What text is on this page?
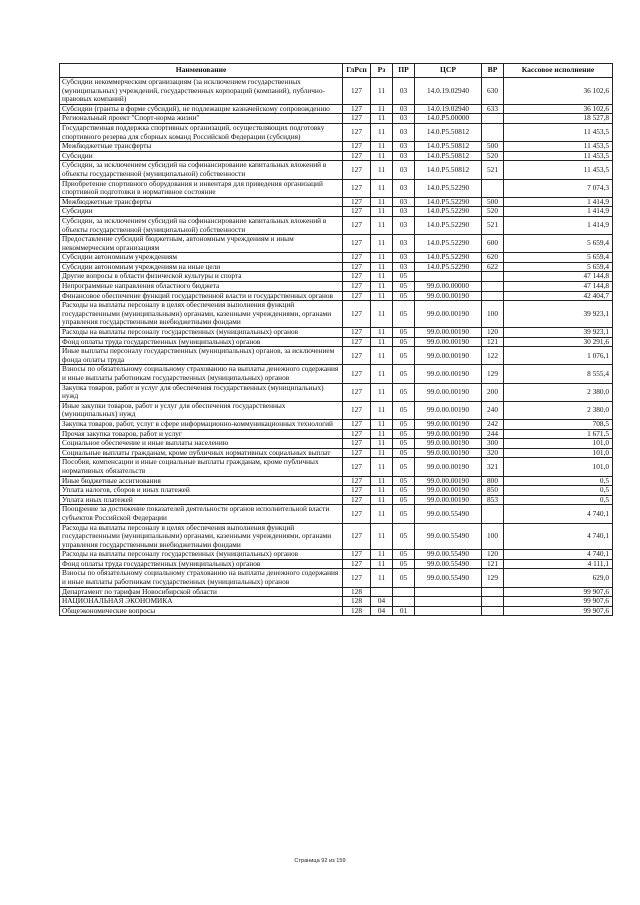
Наименование	ГлРсп	Рз	ПР	ЦСР	ВР	Кассовое исполнение
Субсидии некоммерческим организациям (за исключением государственных (муниципальных) учреждений, государственных корпораций (компаний), публично-правовых компаний)	127	11	03	14.0.19.02940	630	36 102,6
Субсидии (гранты в форме субсидий), не подлежащие казначейскому сопровождению	127	11	03	14.0.19.02940	633	36 102,6
Региональный проект "Спорт-норма жизни"	127	11	03	14.0.P5.00000		18 527,8
Государственная поддержка спортивных организаций, осуществляющих подготовку спортивного резерва для сборных команд Российской Федерации (субсидия)	127	11	03	14.0.P5.50812		11 453,5
Межбюджетные трансферты	127	11	03	14.0.P5.50812	500	11 453,5
Субсидии	127	11	03	14.0.P5.50812	520	11 453,5
Субсидии, за исключением субсидий на софинансирование капитальных вложений в объекты государственной (муниципальной) собственности	127	11	03	14.0.P5.50812	521	11 453,5
Приобретение спортивного оборудования и инвентаря для приведения организаций спортивной подготовки в нормативное состояние	127	11	03	14.0.P5.52290		7 074,3
Межбюджетные трансферты	127	11	03	14.0.P5.52290	500	1 414,9
Субсидии	127	11	03	14.0.P5.52290	520	1 414,9
Субсидии, за исключением субсидий на софинансирование капитальных вложений в объекты государственной (муниципальной) собственности	127	11	03	14.0.P5.52290	521	1 414,9
Предоставление субсидий бюджетным, автономным учреждениям и иным некоммерческим организациям	127	11	03	14.0.P5.52290	600	5 659,4
Субсидии автономным учреждениям	127	11	03	14.0.P5.52290	620	5 659,4
Субсидии автономным учреждениям на иные цели	127	11	03	14.0.P5.52290	622	5 659,4
Другие вопросы в области физической культуры и спорта	127	11	05			47 144,8
Непрограммные направления областного бюджета	127	11	05	99.0.00.00000		47 144,8
Финансовое обеспечение функций государственной власти и государственных органов	127	11	05	99.0.00.00190		42 404,7
Расходы на выплаты персоналу в целях обеспечения выполнения функций государственными (муниципальными) органами, казенными учреждениями, органами управления государственными внебюджетными фондами	127	11	05	99.0.00.00190	100	39 923,1
Расходы на выплаты персоналу государственных (муниципальных) органов	127	11	05	99.0.00.00190	120	39 923,1
Фонд оплаты труда государственных (муниципальных) органов	127	11	05	99.0.00.00190	121	30 291,6
Иные выплаты персоналу государственных (муниципальных) органов, за исключением фонда оплаты труда	127	11	05	99.0.00.00190	122	1 076,1
Взносы по обязательному социальному страхованию на выплаты денежного содержания и иные выплаты работникам государственных (муниципальных) органов	127	11	05	99.0.00.00190	129	8 555,4
Закупка товаров, работ и услуг для обеспечения государственных (муниципальных) нужд	127	11	05	99.0.00.00190	200	2 380,0
Иные закупки товаров, работ и услуг для обеспечения государственных (муниципальных) нужд	127	11	05	99.0.00.00190	240	2 380,0
Закупка товаров, работ, услуг в сфере информационно-коммуникационных технологий	127	11	05	99.0.00.00190	242	708,5
Прочая закупка товаров, работ и услуг	127	11	05	99.0.00.00190	244	1 671,5
Социальное обеспечение и иные выплаты населению	127	11	05	99.0.00.00190	300	101,0
Социальные выплаты гражданам, кроме публичных нормативных социальных выплат	127	11	05	99.0.00.00190	320	101,0
Пособия, компенсации и иные социальные выплаты гражданам, кроме публичных нормативных обязательств	127	11	05	99.0.00.00190	321	101,0
Иные бюджетные ассигнования	127	11	05	99.0.00.00190	800	0,5
Уплата налогов, сборов и иных платежей	127	11	05	99.0.00.00190	850	0,5
Уплата иных платежей	127	11	05	99.0.00.00190	853	0,5
Поощрение за достижение показателей деятельности органов исполнительной власти субъектов Российской Федерации	127	11	05	99.0.00.55490		4 740,1
Расходы на выплаты персоналу в целях обеспечения выполнения функций государственными (муниципальными) органами, казенными учреждениями, органами управления государственными внебюджетными фондами	127	11	05	99.0.00.55490	100	4 740,1
Расходы на выплаты персоналу государственных (муниципальных) органов	127	11	05	99.0.00.55490	120	4 740,1
Фонд оплаты труда государственных (муниципальных) органов	127	11	05	99.0.00.55490	121	4 111,1
Взносы по обязательному социальному страхованию на выплаты денежного содержания и иные выплаты работникам государственных (муниципальных) органов	127	11	05	99.0.00.55490	129	629,0
Департамент по тарифам Новосибирской области	128					99 907,6
НАЦИОНАЛЬНАЯ ЭКОНОМИКА	128	04				99 907,6
Общеэкономические вопросы	128	04	01			99 907,6
Страница 92 из 159
